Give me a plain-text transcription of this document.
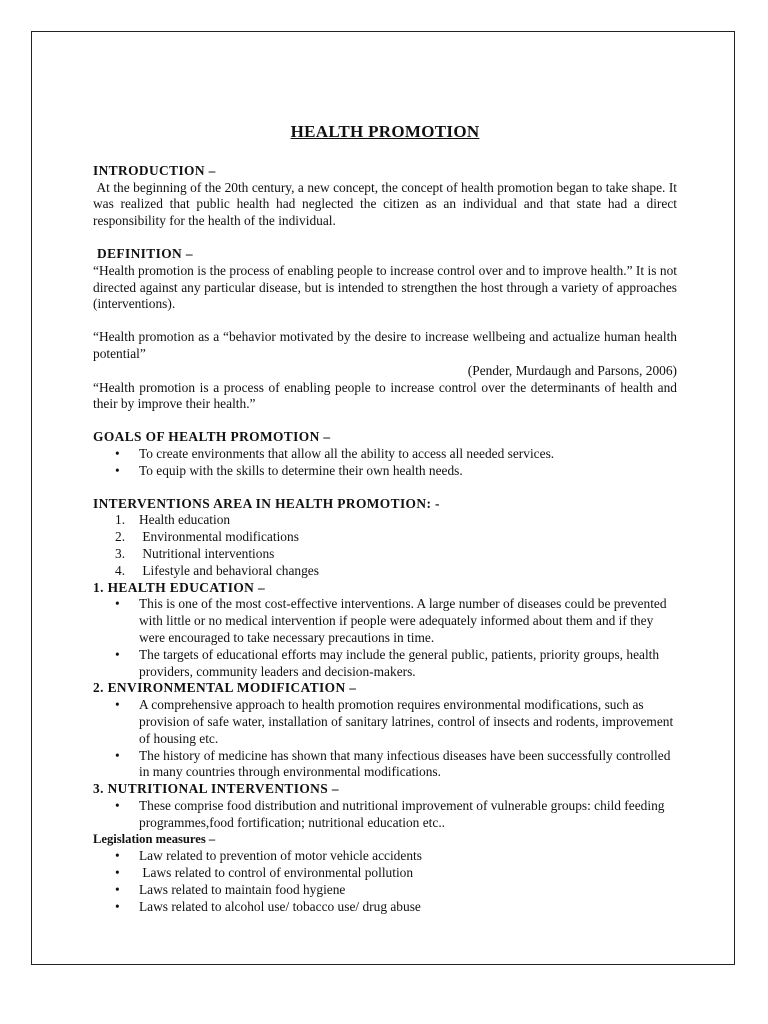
HEALTH PROMOTION
INTRODUCTION –

At the beginning of the 20th century, a new concept, the concept of health promotion began to take shape. It was realized that public health had neglected the citizen as an individual and that state had a direct responsibility for the health of the individual.

DEFINITION –

“Health promotion is the process of enabling people to increase control over and to improve health.” It is not directed against any particular disease, but is intended to strengthen the host through a variety of approaches (interventions).

“Health promotion as a “behavior motivated by the desire to increase wellbeing and actualize human health potential”

(Pender, Murdaugh and Parsons, 2006)

“Health promotion is a process of enabling people to increase control over the determinants of health and their by improve their health.”

GOALS OF HEALTH PROMOTION –
• To create environments that allow all the ability to access all needed services.
• To equip with the skills to determine their own health needs.
INTERVENTIONS AREA IN HEALTH PROMOTION: -
1. Health education
2. Environmental modifications
3. Nutritional interventions
4. Lifestyle and behavioral changes
1. HEALTH EDUCATION –
• This is one of the most cost-effective interventions. A large number of diseases could be prevented with little or no medical intervention if people were adequately informed about them and if they were encouraged to take necessary precautions in time.
• The targets of educational efforts may include the general public, patients, priority groups, health providers, community leaders and decision-makers.
2. ENVIRONMENTAL MODIFICATION –
• A comprehensive approach to health promotion requires environmental modifications, such as provision of safe water, installation of sanitary latrines, control of insects and rodents, improvement of housing etc.
• The history of medicine has shown that many infectious diseases have been successfully controlled in many countries through environmental modifications.
3. NUTRITIONAL INTERVENTIONS –
• These comprise food distribution and nutritional improvement of vulnerable groups: child feeding programmes,food fortification; nutritional education etc..
Legislation measures –
• Law related to prevention of motor vehicle accidents
•  Laws related to control of environmental pollution
• Laws related to maintain food hygiene
• Laws related to alcohol use/ tobacco use/ drug abuse
